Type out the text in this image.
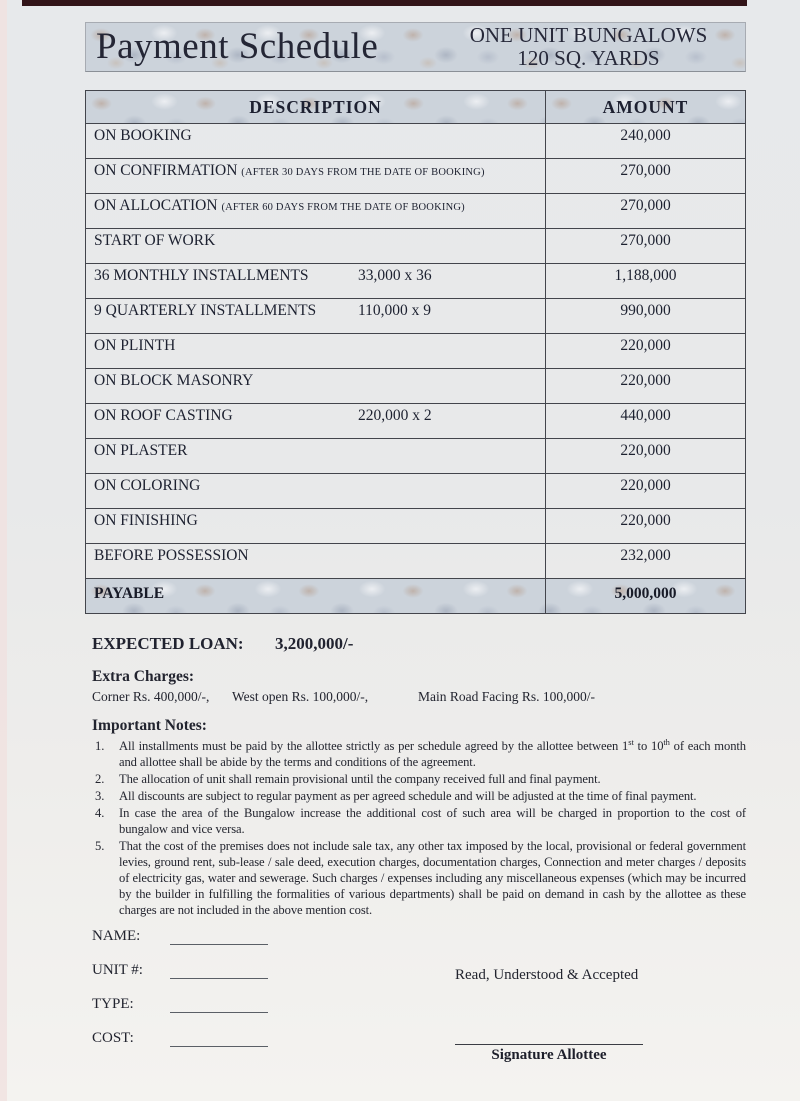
Payment Schedule	ONE UNIT BUNGALOWS
120 SQ. YARDS
DESCRIPTION	AMOUNT
ON BOOKING	240,000
ON CONFIRMATION (AFTER 30 DAYS FROM THE DATE OF BOOKING)	270,000
ON ALLOCATION (AFTER 60 DAYS FROM THE DATE OF BOOKING)	270,000
START OF WORK	270,000
36 MONTHLY INSTALLMENTS 33,000 x 36	1,188,000
9 QUARTERLY INSTALLMENTS 110,000 x 9	990,000
ON PLINTH	220,000
ON BLOCK MASONRY	220,000
ON ROOF CASTING 220,000 x 2	440,000
ON PLASTER	220,000
ON COLORING	220,000
ON FINISHING	220,000
BEFORE POSSESSION	232,000
PAYABLE	5,000,000
EXPECTED LOAN: 3,200,000/-
Extra Charges:
Corner Rs. 400,000/-, West open Rs. 100,000/-,	Main Road Facing Rs. 100,000/-
Important Notes:
1.	All installments must be paid by the allottee strictly as per schedule agreed by the allottee between 1st to 10th of each month and allottee shall be abide by the terms and conditions of the agreement.
2.	The allocation of unit shall remain provisional until the company received full and final payment.
3.	All discounts are subject to regular payment as per agreed schedule and will be adjusted at the time of final payment.
4.	In case the area of the Bungalow increase the additional cost of such area will be charged in proportion to the cost of bungalow and vice versa.
5.	That the cost of the premises does not include sale tax, any other tax imposed by the local, provisional or federal government levies, ground rent, sub-lease / sale deed, execution charges, documentation charges, Connection and meter charges / deposits of electricity gas, water and sewerage. Such charges / expenses including any miscellaneous expenses (which may be incurred by the builder in fulfilling the formalities of various departments) shall be paid on demand in cash by the allottee as these charges are not included in the above mention cost.
NAME:
UNIT #:
TYPE:
COST:
Read, Understood & Accepted
Signature Allottee
